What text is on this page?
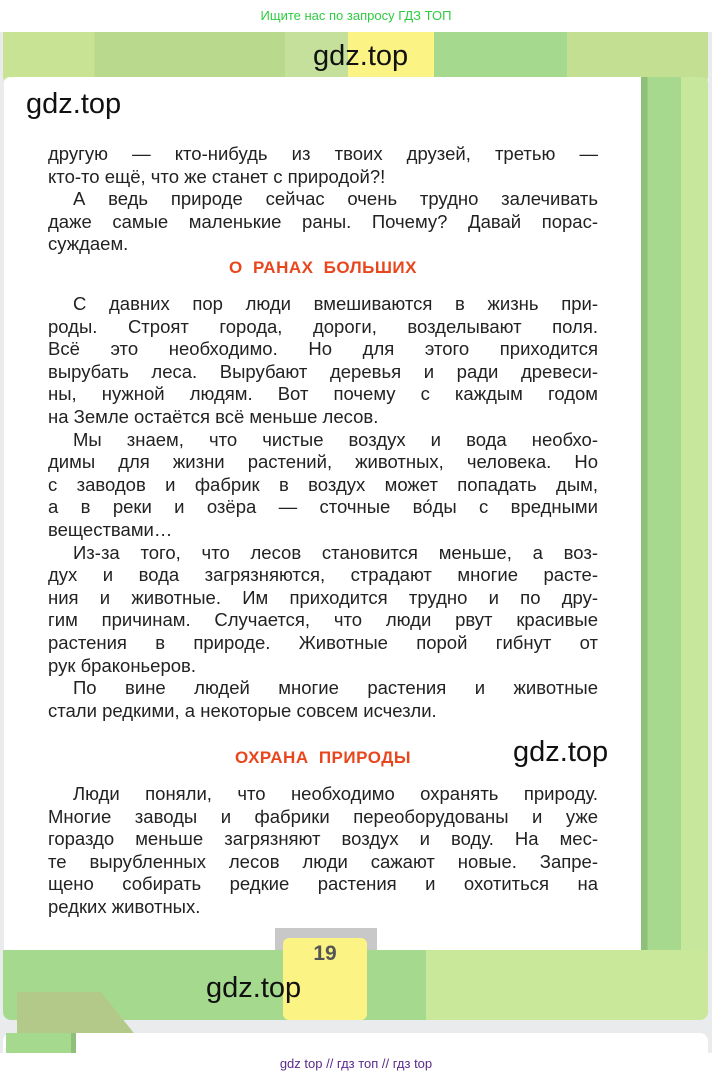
Ищите нас по запросу ГДЗ ТОП
19
gdz top // гдз топ // гдз top
gdz.top
gdz.top
gdz.top
gdz.top
другую — кто-нибудь из твоих друзей, третью —
кто-то ещё, что же станет с природой?!
А ведь природе сейчас очень трудно залечивать
даже самые маленькие раны. Почему? Давай порас-
суждаем.
О РАНАХ БОЛЬШИХ
С давних пор люди вмешиваются в жизнь при-
роды. Строят города, дороги, возделывают поля.
Всё это необходимо. Но для этого приходится
вырубать леса. Вырубают деревья и ради древеси-
ны, нужной людям. Вот почему с каждым годом
на Земле остаётся всё меньше лесов.
Мы знаем, что чистые воздух и вода необхо-
димы для жизни растений, животных, человека. Но
с заводов и фабрик в воздух может попадать дым,
а в реки и озёра — сточные во́ды с вредными
веществами…
Из-за того, что лесов становится меньше, а воз-
дух и вода загрязняются, страдают многие расте-
ния и животные. Им приходится трудно и по дру-
гим причинам. Случается, что люди рвут красивые
растения в природе. Животные порой гибнут от
рук браконьеров.
По вине людей многие растения и животные
стали редкими, а некоторые совсем исчезли.
ОХРАНА ПРИРОДЫ
Люди поняли, что необходимо охранять природу.
Многие заводы и фабрики переоборудованы и уже
гораздо меньше загрязняют воздух и воду. На мес-
те вырубленных лесов люди сажают новые. Запре-
щено собирать редкие растения и охотиться на
редких животных.
